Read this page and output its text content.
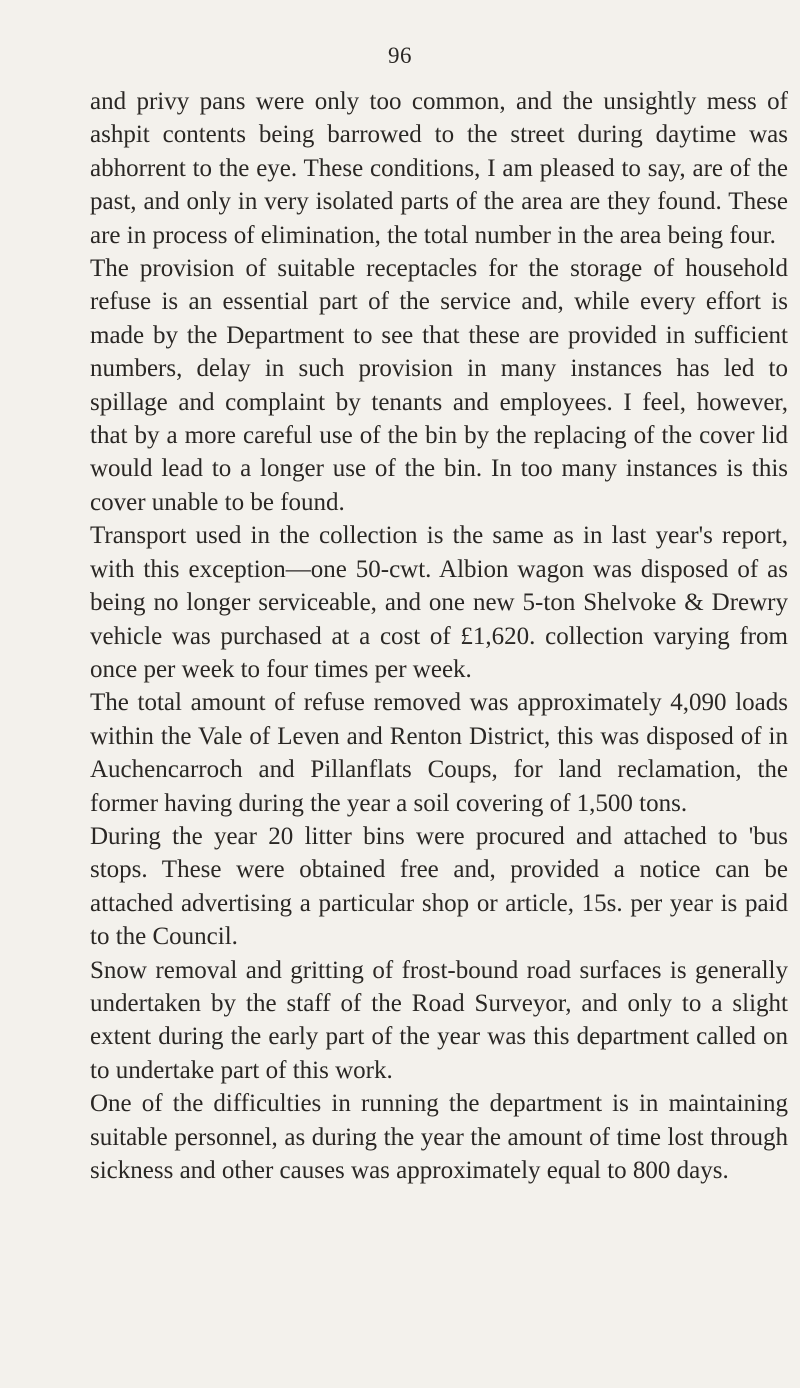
96

and privy pans were only too common, and the unsightly mess of ashpit contents being barrowed to the street during daytime was abhorrent to the eye. These conditions, I am pleased to say, are of the past, and only in very isolated parts of the area are they found. These are in process of elimination, the total number in the area being four.

The provision of suitable receptacles for the storage of household refuse is an essential part of the service and, while every effort is made by the Department to see that these are provided in sufficient numbers, delay in such provision in many instances has led to spillage and complaint by tenants and employees. I feel, however, that by a more careful use of the bin by the replacing of the cover lid would lead to a longer use of the bin. In too many instances is this cover unable to be found.

Transport used in the collection is the same as in last year's report, with this exception—one 50-cwt. Albion wagon was disposed of as being no longer serviceable, and one new 5-ton Shelvoke & Drewry vehicle was purchased at a cost of £1,620. collection varying from once per week to four times per week.

The total amount of refuse removed was approximately 4,090 loads within the Vale of Leven and Renton District, this was disposed of in Auchencarroch and Pillanflats Coups, for land reclamation, the former having during the year a soil covering of 1,500 tons.

During the year 20 litter bins were procured and attached to 'bus stops. These were obtained free and, provided a notice can be attached advertising a particular shop or article, 15s. per year is paid to the Council.

Snow removal and gritting of frost-bound road surfaces is generally undertaken by the staff of the Road Surveyor, and only to a slight extent during the early part of the year was this department called on to undertake part of this work.

One of the difficulties in running the department is in maintaining suitable personnel, as during the year the amount of time lost through sickness and other causes was approximately equal to 800 days.
